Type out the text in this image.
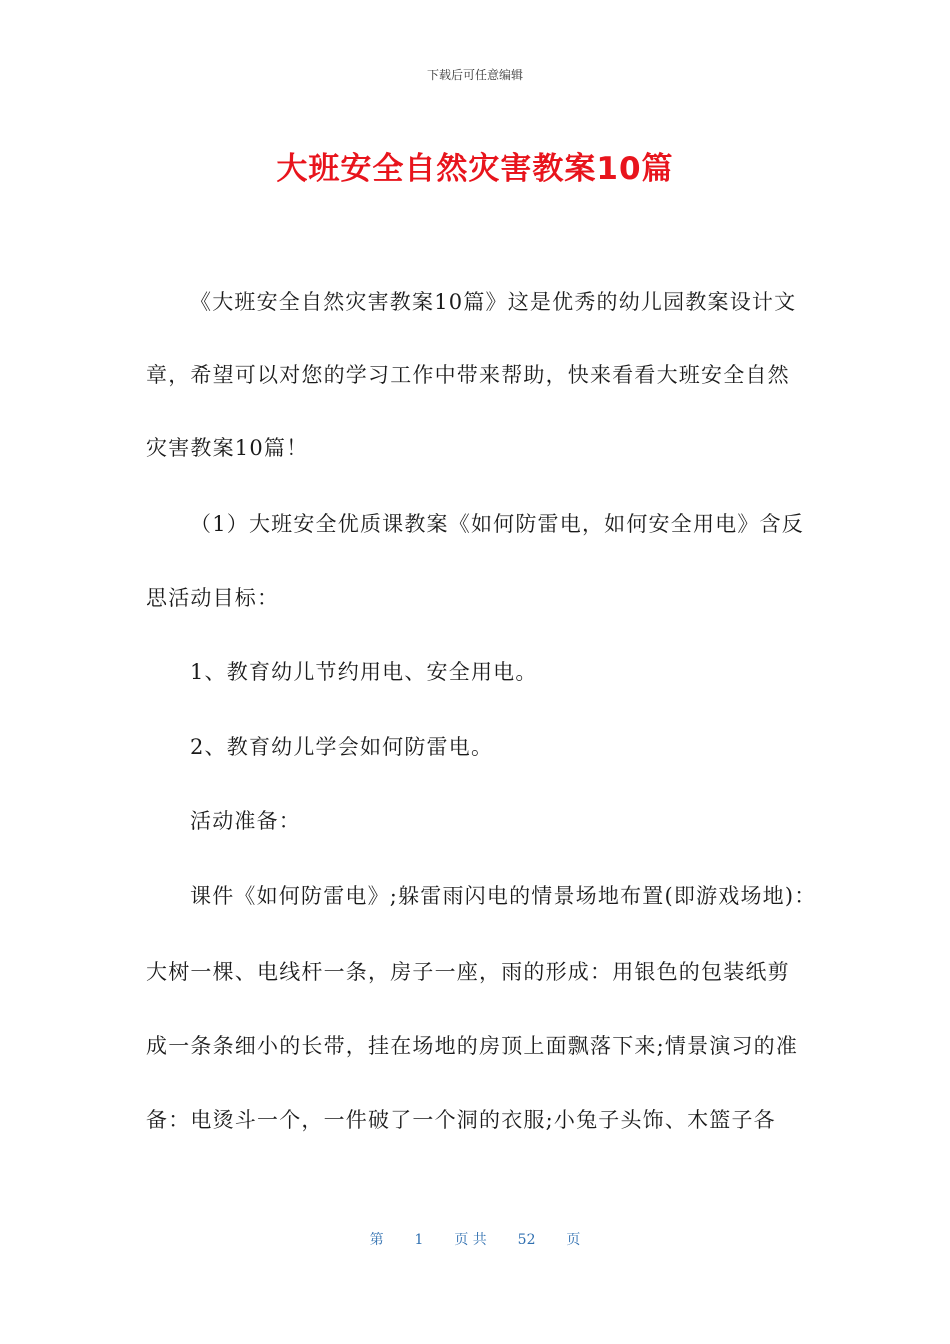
下载后可任意编辑
大班安全自然灾害教案10篇
《大班安全自然灾害教案10篇》这是优秀的幼儿园教案设计文
章，希望可以对您的学习工作中带来帮助，快来看看大班安全自然
灾害教案10篇！
（1）大班安全优质课教案《如何防雷电，如何安全用电》含反
思活动目标：
1、教育幼儿节约用电、安全用电。
2、教育幼儿学会如何防雷电。
活动准备：
课件《如何防雷电》;躲雷雨闪电的情景场地布置(即游戏场地)：
大树一棵、电线杆一条，房子一座，雨的形成：用银色的包装纸剪
成一条条细小的长带，挂在场地的房顶上面飘落下来;情景演习的准
备：电烫斗一个，一件破了一个洞的衣服;小兔子头饰、木篮子各
第 1 页 共 52 页
